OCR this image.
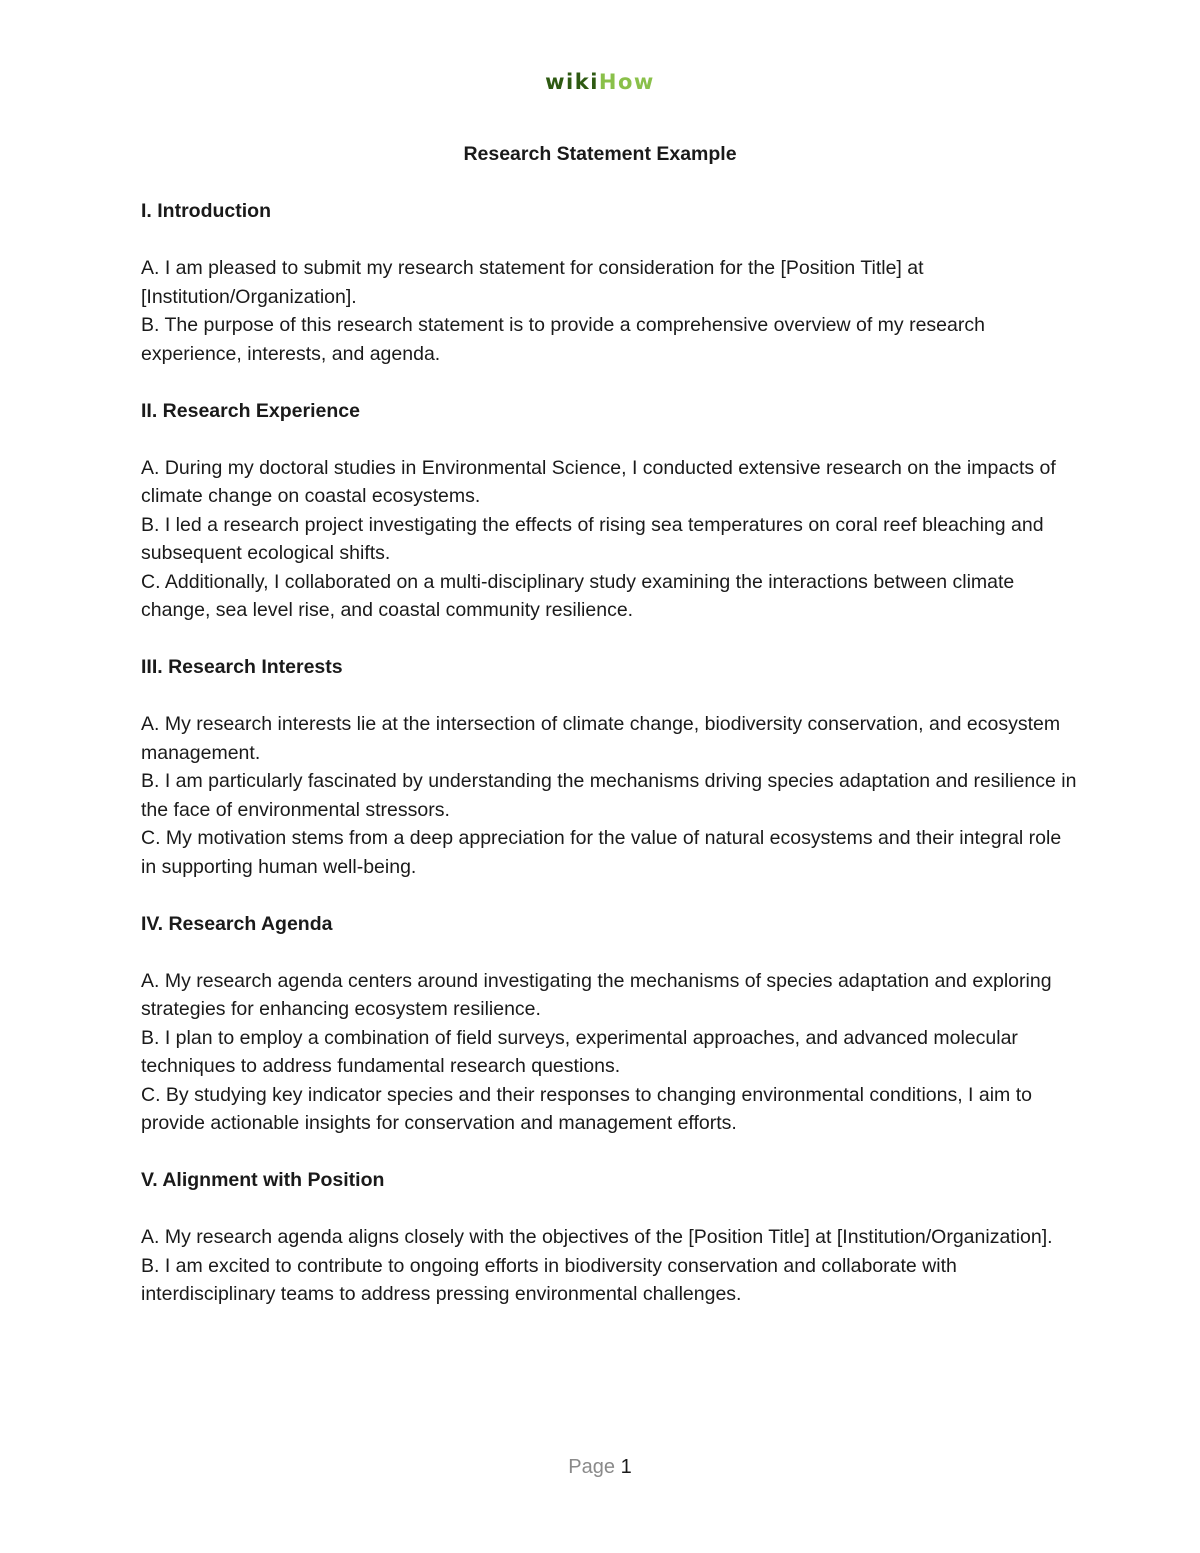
wikiHow
Research Statement Example

I. Introduction

A. I am pleased to submit my research statement for consideration for the [Position Title] at [Institution/Organization].

B. The purpose of this research statement is to provide a comprehensive overview of my research experience, interests, and agenda.

II. Research Experience

A. During my doctoral studies in Environmental Science, I conducted extensive research on the impacts of climate change on coastal ecosystems.

B. I led a research project investigating the effects of rising sea temperatures on coral reef bleaching and subsequent ecological shifts.

C. Additionally, I collaborated on a multi-disciplinary study examining the interactions between climate change, sea level rise, and coastal community resilience.

III. Research Interests

A. My research interests lie at the intersection of climate change, biodiversity conservation, and ecosystem management.

B. I am particularly fascinated by understanding the mechanisms driving species adaptation and resilience in the face of environmental stressors.

C. My motivation stems from a deep appreciation for the value of natural ecosystems and their integral role in supporting human well-being.

IV. Research Agenda

A. My research agenda centers around investigating the mechanisms of species adaptation and exploring strategies for enhancing ecosystem resilience.

B. I plan to employ a combination of field surveys, experimental approaches, and advanced molecular techniques to address fundamental research questions.

C. By studying key indicator species and their responses to changing environmental conditions, I aim to provide actionable insights for conservation and management efforts.

V. Alignment with Position

A. My research agenda aligns closely with the objectives of the [Position Title] at [Institution/Organization].

B. I am excited to contribute to ongoing efforts in biodiversity conservation and collaborate with interdisciplinary teams to address pressing environmental challenges.

Page 1
